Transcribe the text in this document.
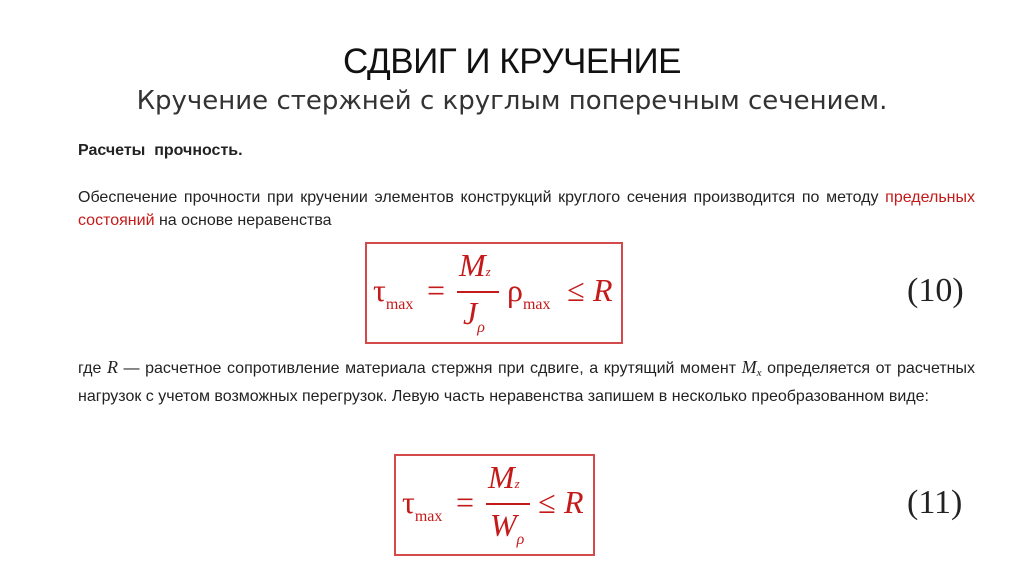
СДВИГ И КРУЧЕНИЕ
Кручение стержней с круглым поперечным сечением.
Расчеты  прочность.
Обеспечение прочности при кручении элементов конструкций круглого сечения производится по методу предельных состояний на основе неравенства
$\tau_{max}$ =
Mz
$J_\rho$
$\rho_{max} \le R$	(10)
где R — расчетное сопротивление материала стержня при сдвиге, а крутящий момент $M_x$ определяется от расчетных нагрузок с учетом возможных перегрузок. Левую часть неравенства запишем в несколько преобразованном виде:
$\tau_{max}$ =
Mz
$W_\rho$
≤ R	(11)
